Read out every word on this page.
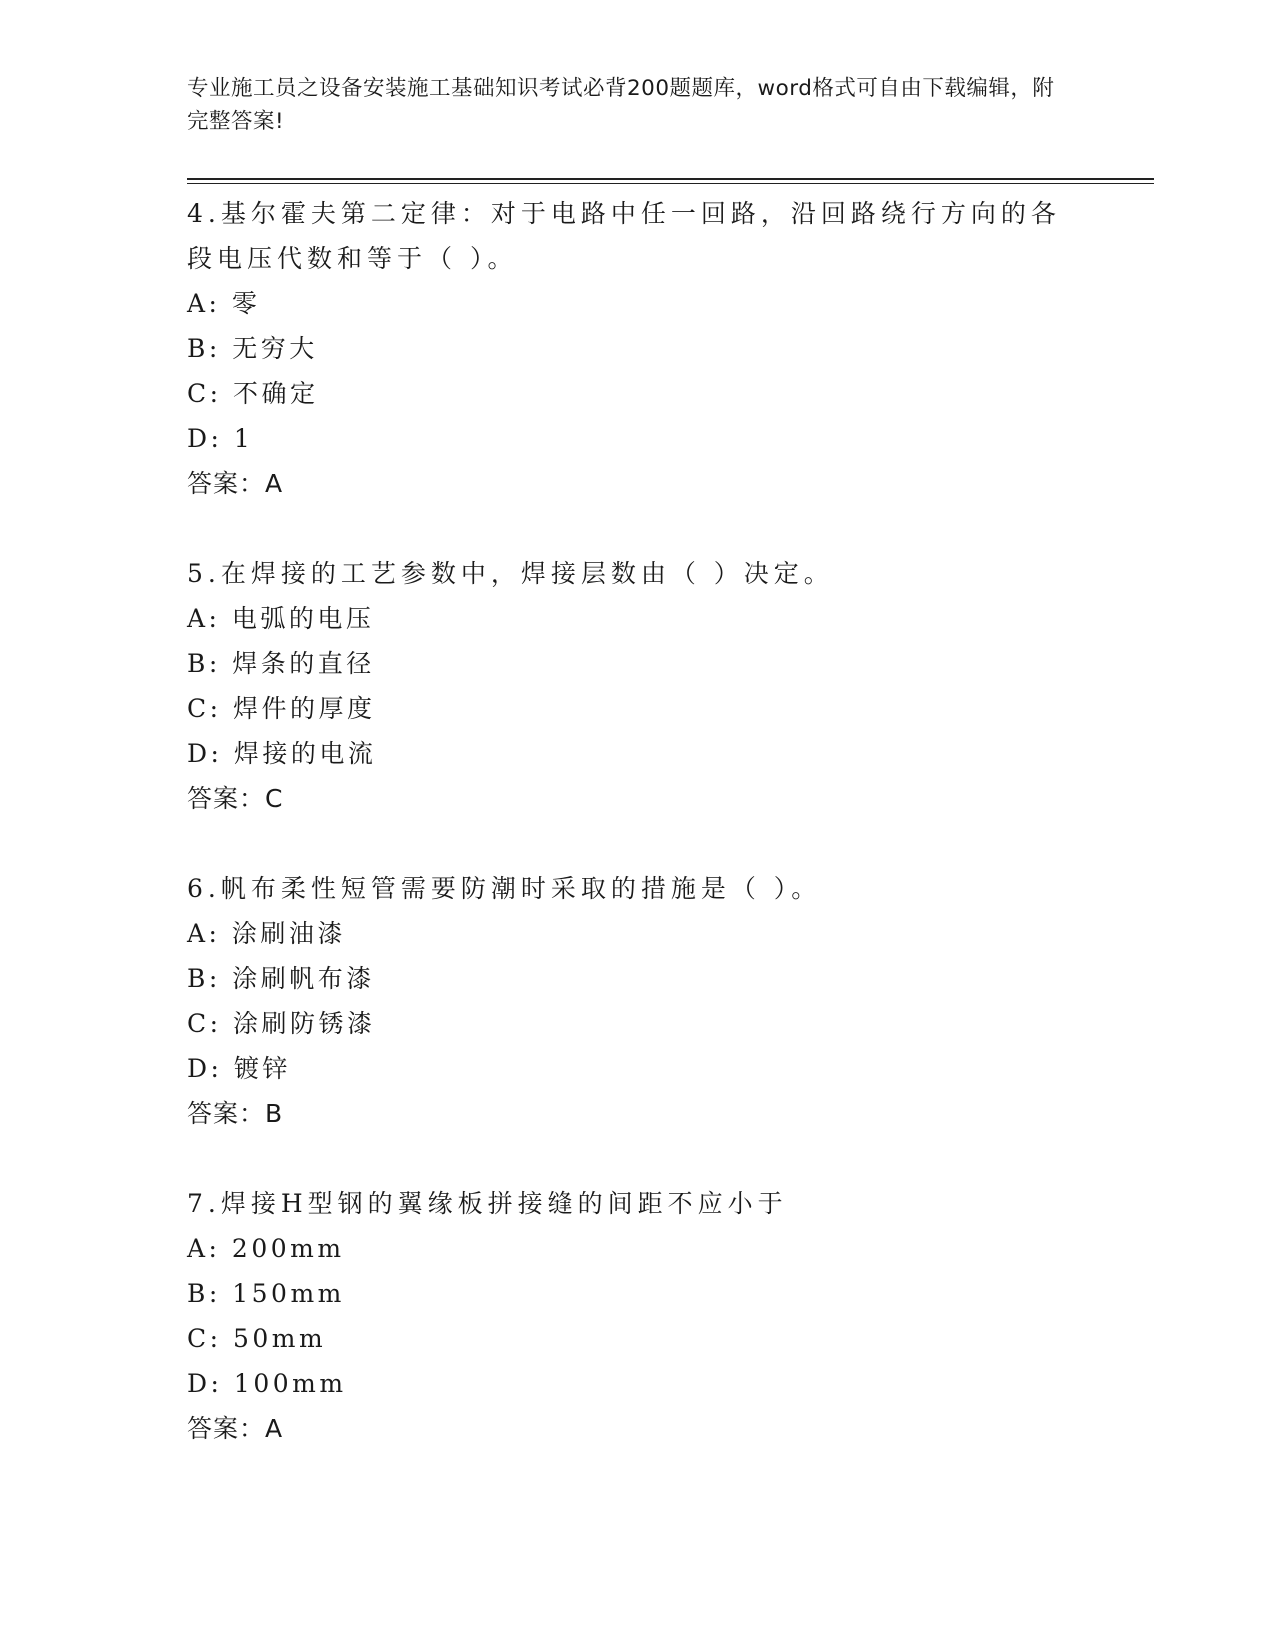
专业施工员之设备安装施工基础知识考试必背200题题库，word格式可自由下载编辑，附完整答案!
4.基尔霍夫第二定律：对于电路中任一回路，沿回路绕行方向的各段电压代数和等于（ ）。
A: 零
B: 无穷大
C: 不确定
D: 1
答案：A
5.在焊接的工艺参数中，焊接层数由（ ）决定。
A: 电弧的电压
B: 焊条的直径
C: 焊件的厚度
D: 焊接的电流
答案：C
6.帆布柔性短管需要防潮时采取的措施是（ ）。
A: 涂刷油漆
B: 涂刷帆布漆
C: 涂刷防锈漆
D: 镀锌
答案：B
7.焊接H型钢的翼缘板拼接缝的间距不应小于
A: 200mm
B: 150mm
C: 50mm
D: 100mm
答案：A
